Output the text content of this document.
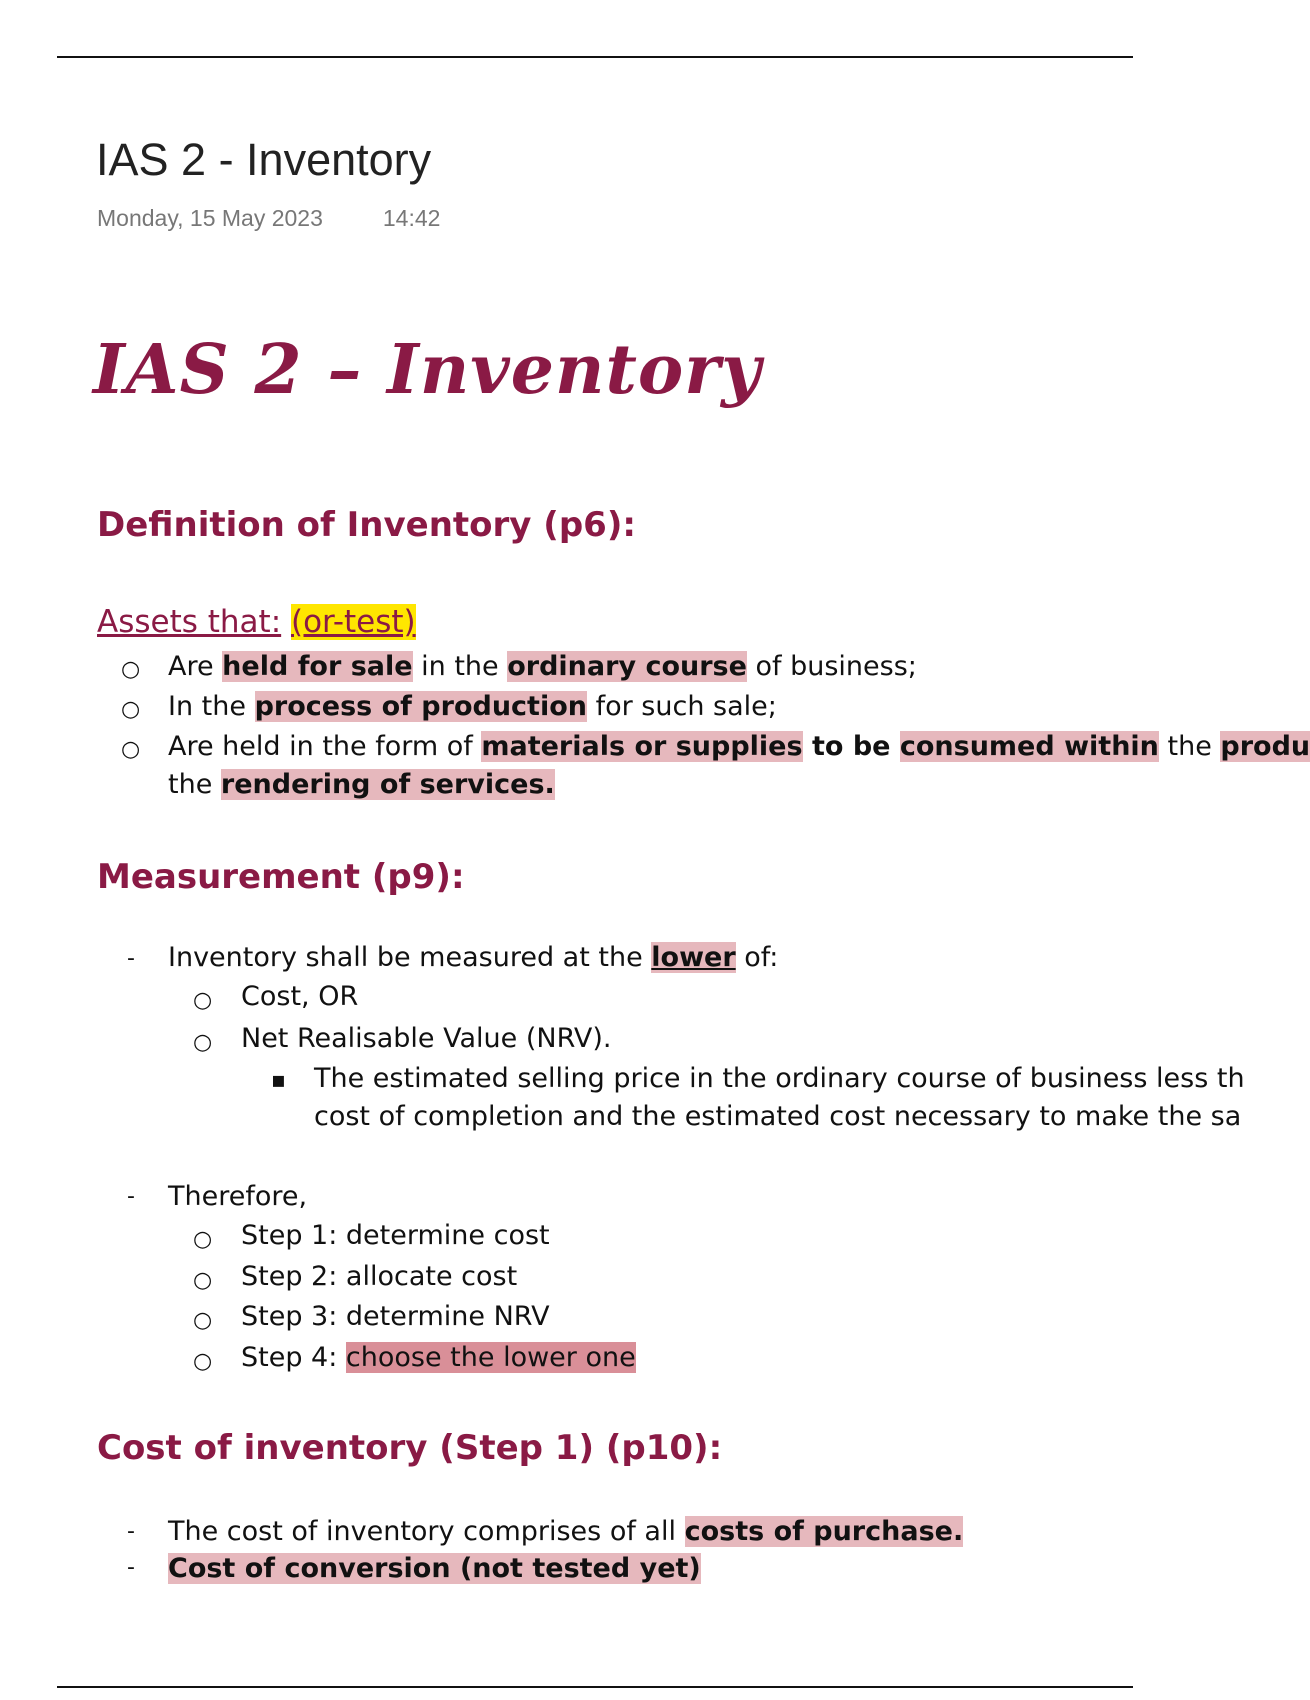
IAS 2 - Inventory
Monday, 15 May 2023	14:42
IAS 2 – Inventory
Definition of Inventory (p6):
Assets that: (or-test)
○ Are held for sale in the ordinary course of business;
○ In the process of production for such sale;
○ Are held in the form of materials or supplies to be consumed within the produ
the rendering of services.
Measurement (p9):
- Inventory shall be measured at the lower of:
○ Cost, OR
○ Net Realisable Value (NRV).
▪ The estimated selling price in the ordinary course of business less th
cost of completion and the estimated cost necessary to make the sa
- Therefore,
○ Step 1: determine cost
○ Step 2: allocate cost
○ Step 3: determine NRV
○ Step 4: choose the lower one
Cost of inventory (Step 1) (p10):
- The cost of inventory comprises of all costs of purchase.
- Cost of conversion (not tested yet)
